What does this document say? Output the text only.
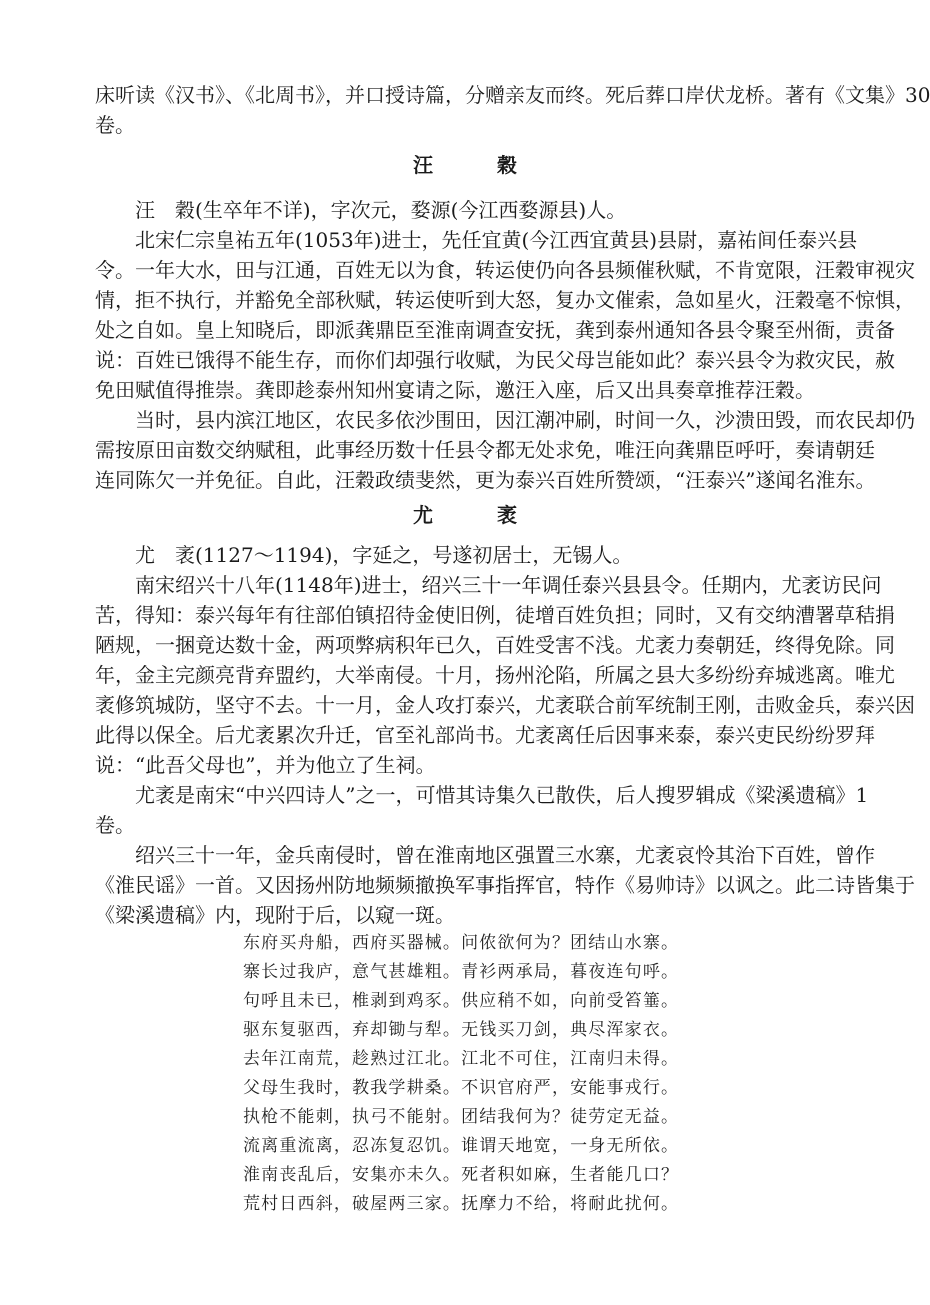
床听读《汉书》、《北周书》，并口授诗篇，分赠亲友而终。死后葬口岸伏龙桥。著有《文集》30
卷。
汪穀
汪　穀(生卒年不详)，字次元，婺源(今江西婺源县)人。
北宋仁宗皇祐五年(1053年)进士，先任宜黄(今江西宜黄县)县尉，嘉祐间任泰兴县
令。一年大水，田与江通，百姓无以为食，转运使仍向各县频催秋赋，不肯宽限，汪穀审视灾
情，拒不执行，并豁免全部秋赋，转运使听到大怒，复办文催索，急如星火，汪穀毫不惊惧，
处之自如。皇上知晓后，即派龚鼎臣至淮南调查安抚，龚到泰州通知各县令聚至州衙，责备
说：百姓已饿得不能生存，而你们却强行收赋，为民父母岂能如此？泰兴县令为救灾民，赦
免田赋值得推崇。龚即趁泰州知州宴请之际，邀汪入座，后又出具奏章推荐汪穀。
当时，县内滨江地区，农民多依沙围田，因江潮冲刷，时间一久，沙溃田毁，而农民却仍
需按原田亩数交纳赋租，此事经历数十任县令都无处求免，唯汪向龚鼎臣呼吁，奏请朝廷
连同陈欠一并免征。自此，汪穀政绩斐然，更为泰兴百姓所赞颂，“汪泰兴”遂闻名淮东。
尤袤
尤　袤(1127～1194)，字延之，号遂初居士，无锡人。
南宋绍兴十八年(1148年)进士，绍兴三十一年调任泰兴县县令。任期内，尤袤访民问
苦，得知：泰兴每年有往部伯镇招待金使旧例，徒增百姓负担；同时，又有交纳漕署草秸捐
陋规，一捆竟达数十金，两项弊病积年已久，百姓受害不浅。尤袤力奏朝廷，终得免除。同
年，金主完颜亮背弃盟约，大举南侵。十月，扬州沦陷，所属之县大多纷纷弃城逃离。唯尤
袤修筑城防，坚守不去。十一月，金人攻打泰兴，尤袤联合前军统制王刚，击败金兵，泰兴因
此得以保全。后尤袤累次升迁，官至礼部尚书。尤袤离任后因事来泰，泰兴吏民纷纷罗拜
说：“此吾父母也”，并为他立了生祠。
尤袤是南宋“中兴四诗人”之一，可惜其诗集久已散佚，后人搜罗辑成《梁溪遗稿》1
卷。
绍兴三十一年，金兵南侵时，曾在淮南地区强置三水寨，尤袤哀怜其治下百姓，曾作
《淮民谣》一首。又因扬州防地频频撤换军事指挥官，特作《易帅诗》以讽之。此二诗皆集于
《梁溪遗稿》内，现附于后，以窥一斑。
东府买舟船，西府买器械。问侬欲何为？团结山水寨。
寨长过我庐，意气甚雄粗。青衫两承局，暮夜连句呼。
句呼且未已，椎剥到鸡豕。供应稍不如，向前受笞箠。
驱东复驱西，弃却锄与犁。无钱买刀剑，典尽浑家衣。
去年江南荒，趁熟过江北。江北不可住，江南归未得。
父母生我时，教我学耕桑。不识官府严，安能事戎行。
执枪不能刺，执弓不能射。团结我何为？徒劳定无益。
流离重流离，忍冻复忍饥。谁谓天地宽，一身无所依。
淮南丧乱后，安集亦未久。死者积如麻，生者能几口？
荒村日西斜，破屋两三家。抚摩力不给，将耐此扰何。
